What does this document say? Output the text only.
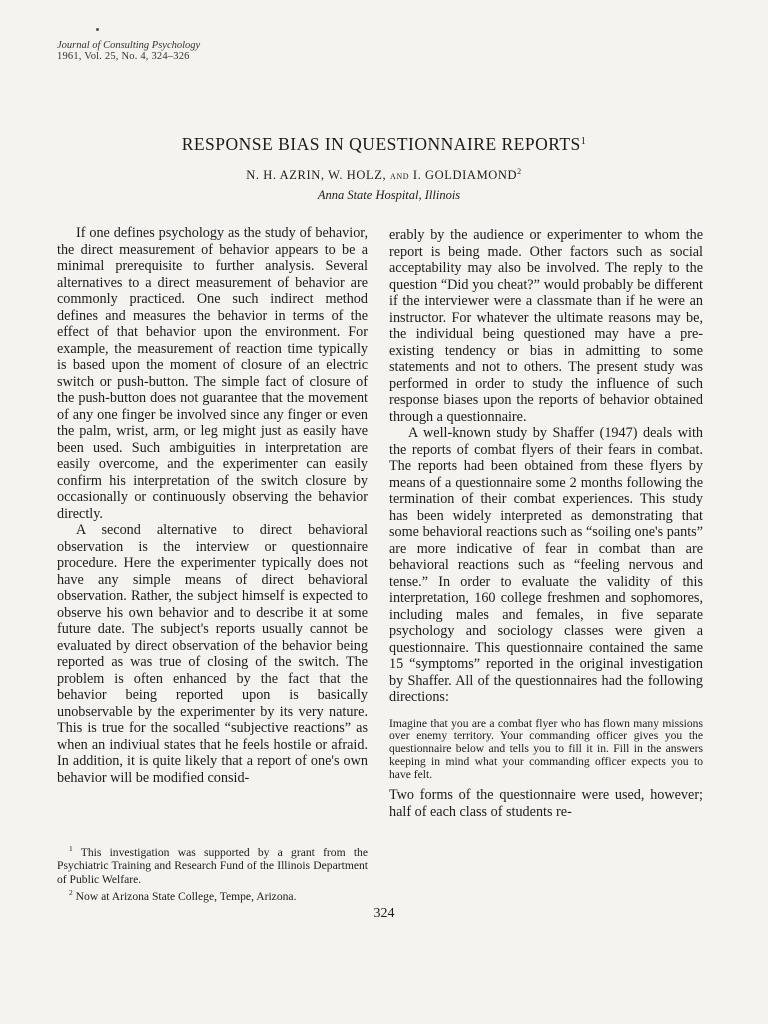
Journal of Consulting Psychology
1961, Vol. 25, No. 4, 324–326
RESPONSE BIAS IN QUESTIONNAIRE REPORTS$^1$
N. H. AZRIN, W. HOLZ, and I. GOLDIAMOND$^2$
Anna State Hospital, Illinois

If one defines psychology as the study of behavior, the direct measurement of behavior appears to be a minimal prerequisite to further analysis. Several alternatives to a direct measurement of behavior are commonly practiced. One such indirect method defines and measures the behavior in terms of the effect of that behavior upon the environment. For example, the measurement of reaction time typically is based upon the moment of closure of an electric switch or push-button. The simple fact of closure of the push-button does not guarantee that the movement of any one finger be involved since any finger or even the palm, wrist, arm, or leg might just as easily have been used. Such ambiguities in interpretation are easily overcome, and the experimenter can easily confirm his interpretation of the switch closure by occasionally or continuously observing the behavior directly.

A second alternative to direct behavioral observation is the interview or questionnaire procedure. Here the experimenter typically does not have any simple means of direct behavioral observation. Rather, the subject himself is expected to observe his own behavior and to describe it at some future date. The subject's reports usually cannot be evaluated by direct observation of the behavior being reported as was true of closing of the switch. The problem is often enhanced by the fact that the behavior being reported upon is basically unobservable by the experimenter by its very nature. This is true for the socalled “subjective reactions” as when an indiviual states that he feels hostile or afraid. In addition, it is quite likely that a report of one's own behavior will be modified consid-

erably by the audience or experimenter to whom the report is being made. Other factors such as social acceptability may also be involved. The reply to the question “Did you cheat?” would probably be different if the interviewer were a classmate than if he were an instructor. For whatever the ultimate reasons may be, the individual being questioned may have a pre-existing tendency or bias in admitting to some statements and not to others. The present study was performed in order to study the influence of such response biases upon the reports of behavior obtained through a questionnaire.

A well-known study by Shaffer (1947) deals with the reports of combat flyers of their fears in combat. The reports had been obtained from these flyers by means of a questionnaire some 2 months following the termination of their combat experiences. This study has been widely interpreted as demonstrating that some behavioral reactions such as “soiling one's pants” are more indicative of fear in combat than are behavioral reactions such as “feeling nervous and tense.” In order to evaluate the validity of this interpretation, 160 college freshmen and sophomores, including males and females, in five separate psychology and sociology classes were given a questionnaire. This questionnaire contained the same 15 “symptoms” reported in the original investigation by Shaffer. All of the questionnaires had the following directions:

Imagine that you are a combat flyer who has flown many missions over enemy territory. Your commanding officer gives you the questionnaire below and tells you to fill it in. Fill in the answers keeping in mind what your commanding officer expects you to have felt.

Two forms of the questionnaire were used, however; half of each class of students re-

$^1$ This investigation was supported by a grant from the Psychiatric Training and Research Fund of the Illinois Department of Public Welfare.

$^2$ Now at Arizona State College, Tempe, Arizona.

324
